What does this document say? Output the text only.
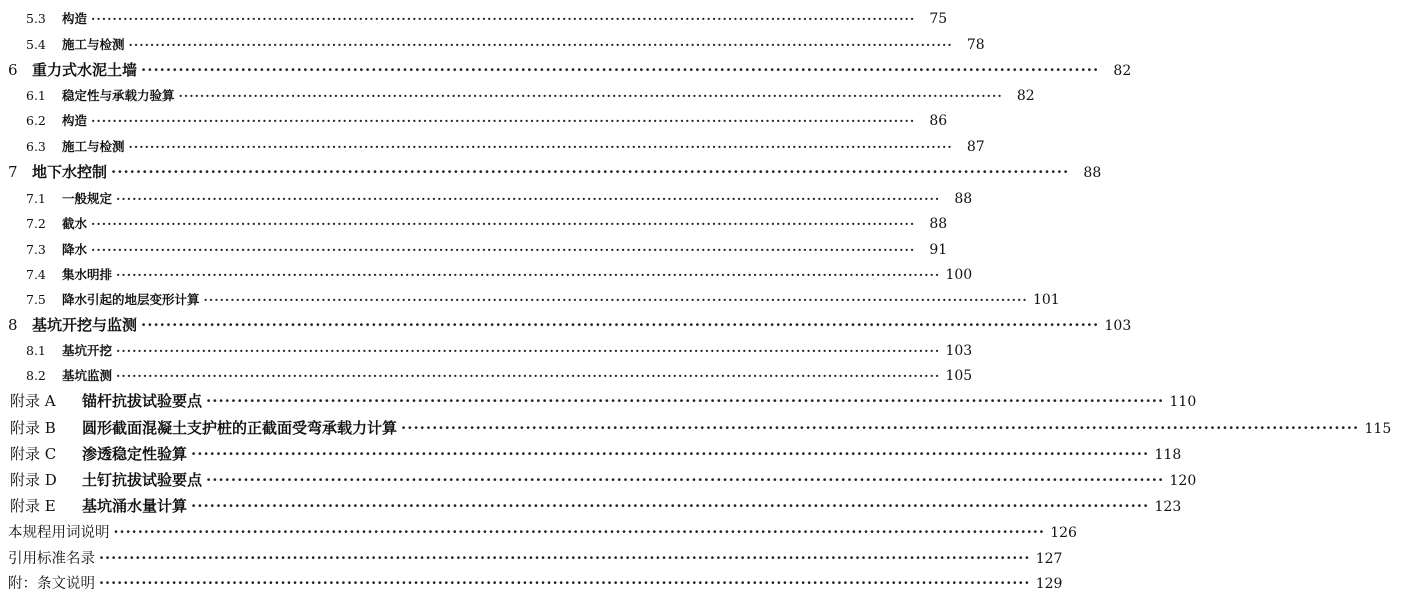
5.3	构造 ·····	75
5.4	施工与检测 ·····	78
6 重力式水泥土墙 ·····	82
6.1	稳定性与承载力验算 ·····	82
6.2	构造 ·····	86
6.3	施工与检测 ·····	87
7 地下水控制 ·····	88
7.1	一般规定 ·····	88
7.2	截水 ·····	88
7.3	降水 ·····	91
7.4	集水明排 ·····	100
7.5	降水引起的地层变形计算 ·····	101
8 基坑开挖与监测 ·····	103
8.1	基坑开挖 ·····	103
8.2	基坑监测 ·····	105
附录 A	锚杆抗拔试验要点 ·····	110
附录 B	圆形截面混凝土支护桩的正截面受弯承载力计算 ·····	115
附录 C	渗透稳定性验算 ·····	118
附录 D	土钉抗拔试验要点 ·····	120
附录 E	基坑涌水量计算 ·····	123
本规程用词说明 ·····	126
引用标准名录 ·····	127
附：条文说明 ·····	129
